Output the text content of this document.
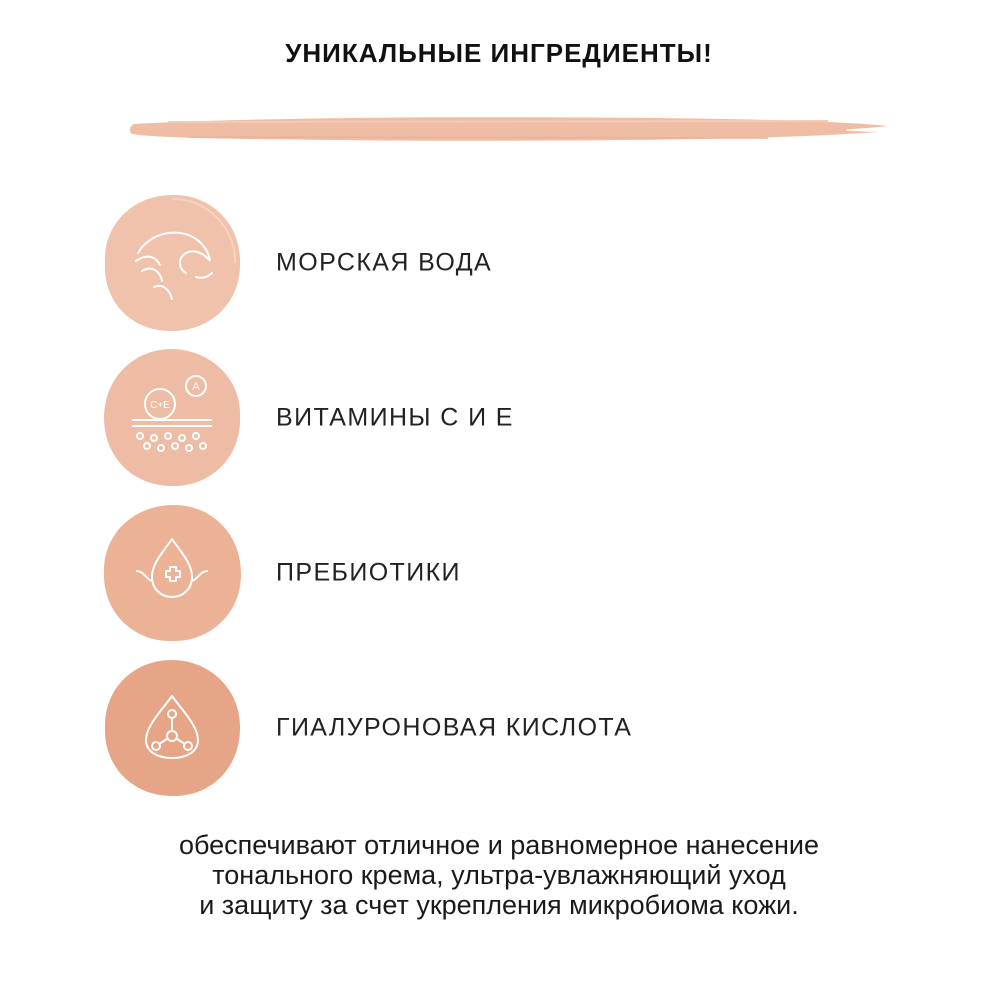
УНИКАЛЬНЫЕ ИНГРЕДИЕНТЫ!
МОРСКАЯ ВОДА
C+E
A
ВИТАМИНЫ С И Е
ПРЕБИОТИКИ
ГИАЛУРОНОВАЯ КИСЛОТА
обеспечивают отличное и равномерное нанесение
тонального крема, ультра-увлажняющий уход
и защиту за счет укрепления микробиома кожи.
